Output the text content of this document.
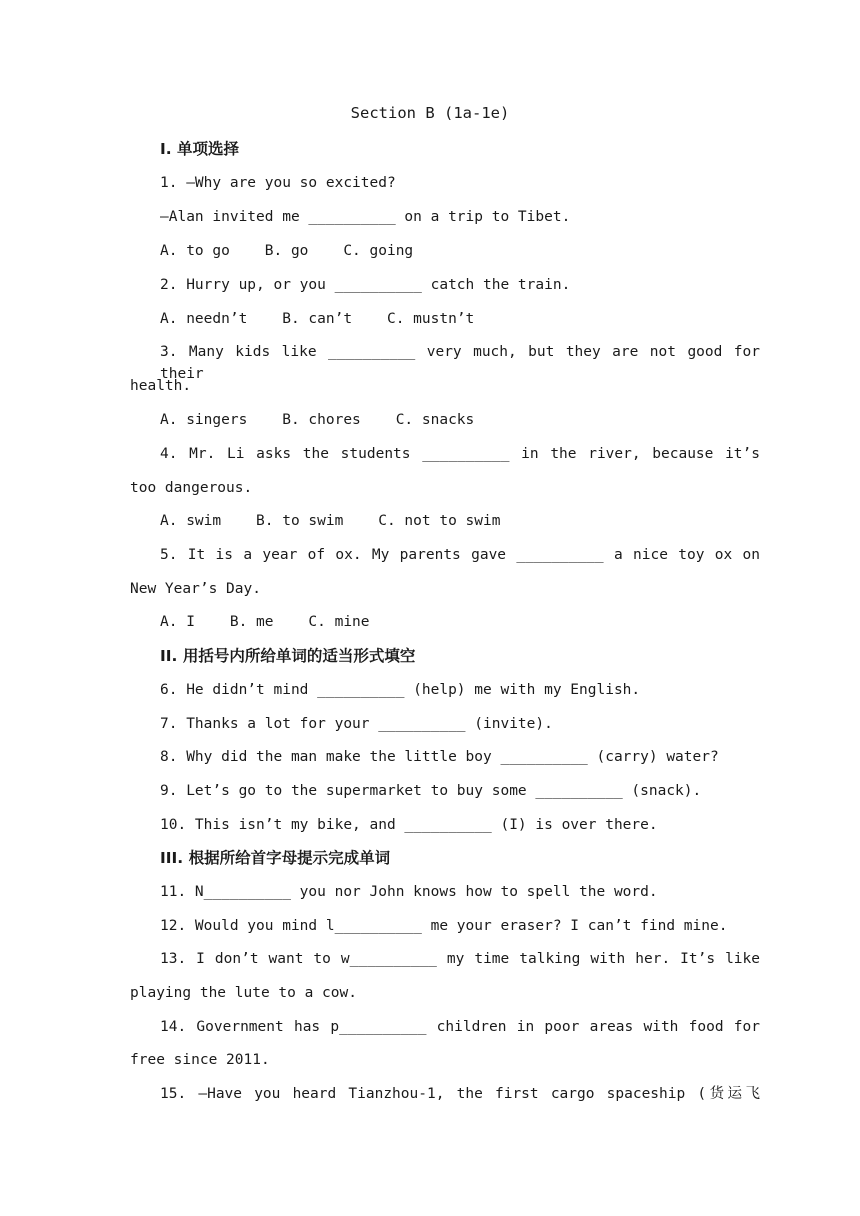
Section B (1a-1e)
I. 单项选择
1. —Why are you so excited?
—Alan invited me __________ on a trip to Tibet.
A. to go    B. go    C. going
2. Hurry up, or you __________ catch the train.
A. needn’t    B. can’t    C. mustn’t
3. Many kids like __________ very much, but they are not good for their
health.
A. singers    B. chores    C. snacks
4. Mr. Li asks the students __________ in the river, because it’s
too dangerous.
A. swim    B. to swim    C. not to swim
5. It is a year of ox. My parents gave __________ a nice toy ox on
New Year’s Day.
A. I    B. me    C. mine
II. 用括号内所给单词的适当形式填空
6. He didn’t mind __________ (help) me with my English.
7. Thanks a lot for your __________ (invite).
8. Why did the man make the little boy __________ (carry) water?
9. Let’s go to the supermarket to buy some __________ (snack).
10. This isn’t my bike, and __________ (I) is over there.
III. 根据所给首字母提示完成单词
11. N__________ you nor John knows how to spell the word.
12. Would you mind l__________ me your eraser? I can’t find mine.
13. I don’t want to w__________ my time talking with her. It’s like
playing the lute to a cow.
14. Government has p__________ children in poor areas with food for
free since 2011.
15. —Have you heard Tianzhou-1, the first cargo spaceship (货运飞
